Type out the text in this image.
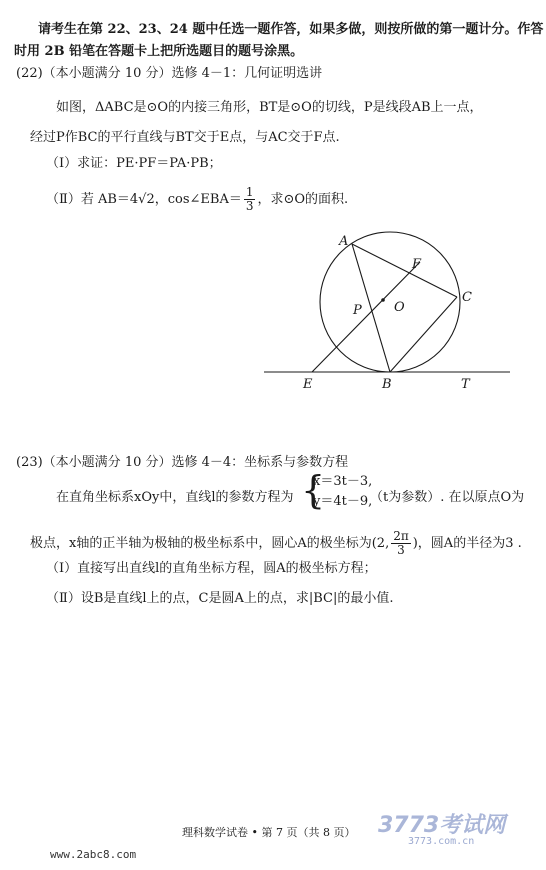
请考生在第 22、23、24 题中任选一题作答，如果多做，则按所做的第一题计分。作答
时用 2B 铅笔在答题卡上把所选题目的题号涂黑。
(22)（本小题满分 10 分）选修 4－1：几何证明选讲
如图，ΔABC是⊙O的内接三角形，BT是⊙O的切线，P是线段AB上一点，
经过P作BC的平行直线与BT交于E点，与AC交于F点.
（Ⅰ）求证：PE·PF＝PA·PB；
（Ⅱ）若 AB＝4√2，cos∠EBA＝ $\frac{1}{3}$ ，求⊙O的面积.
A
F
C
O
P
E	B	T
(23)（本小题满分 10 分）选修 4－4：坐标系与参数方程
在直角坐标系xOy中，直线l的参数方程为 {
x＝3t－3,
y＝4t－9,
（t为参数）. 在以原点O为
极点，x轴的正半轴为极轴的极坐标系中，圆心A的极坐标为(2, $\frac{2\pi}{3}$ )，圆A的半径为3 .
（Ⅰ）直接写出直线l的直角坐标方程，圆A的极坐标方程；
（Ⅱ）设B是直线l上的点，C是圆A上的点，求|BC|的最小值.
理科数学试卷 • 第 7 页（共 8 页） 3773考试网
3773.com.cn
www.2abc8.com
